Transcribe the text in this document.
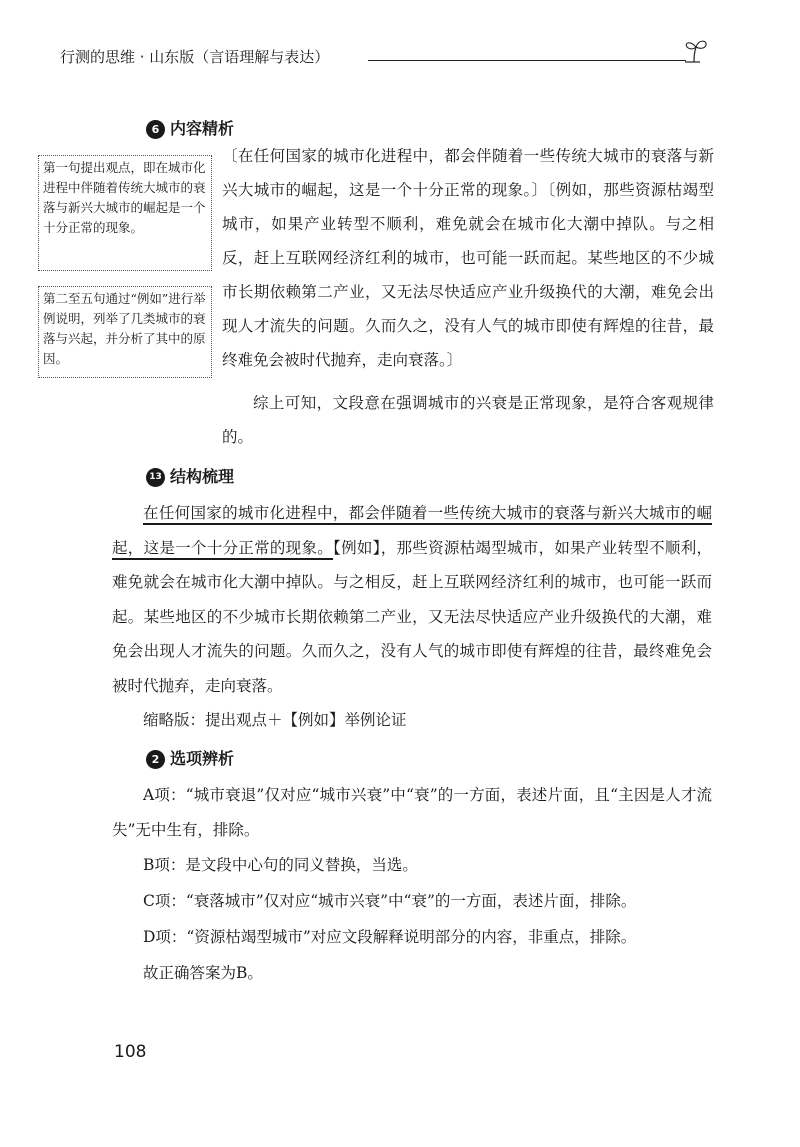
行测的思维 · 山东版（言语理解与表达）
6 内容精析
第一句提出观点，即在城市化进程中伴随着传统大城市的衰落与新兴大城市的崛起是一个十分正常的现象。
第二至五句通过“例如”进行举例说明，列举了几类城市的衰落与兴起，并分析了其中的原因。
〔在任何国家的城市化进程中，都会伴随着一些传统大城市的衰落与新兴大城市的崛起，这是一个十分正常的现象。〕〔例如，那些资源枯竭型城市，如果产业转型不顺利，难免就会在城市化大潮中掉队。与之相反，赶上互联网经济红利的城市，也可能一跃而起。某些地区的不少城市长期依赖第二产业，又无法尽快适应产业升级换代的大潮，难免会出现人才流失的问题。久而久之，没有人气的城市即使有辉煌的往昔，最终难免会被时代抛弃，走向衰落。〕
综上可知，文段意在强调城市的兴衰是正常现象，是符合客观规律的。
13 结构梳理
在任何国家的城市化进程中，都会伴随着一些传统大城市的衰落与新兴大城市的崛起，这是一个十分正常的现象。【例如】，那些资源枯竭型城市，如果产业转型不顺利，难免就会在城市化大潮中掉队。与之相反，赶上互联网经济红利的城市，也可能一跃而起。某些地区的不少城市长期依赖第二产业，又无法尽快适应产业升级换代的大潮，难免会出现人才流失的问题。久而久之，没有人气的城市即使有辉煌的往昔，最终难免会被时代抛弃，走向衰落。
缩略版：提出观点＋【例如】举例论证
2 选项辨析
A项：“城市衰退”仅对应“城市兴衰”中“衰”的一方面，表述片面，且“主因是人才流失”无中生有，排除。
B项：是文段中心句的同义替换，当选。
C项：“衰落城市”仅对应“城市兴衰”中“衰”的一方面，表述片面，排除。
D项：“资源枯竭型城市”对应文段解释说明部分的内容，非重点，排除。
故正确答案为B。
108
